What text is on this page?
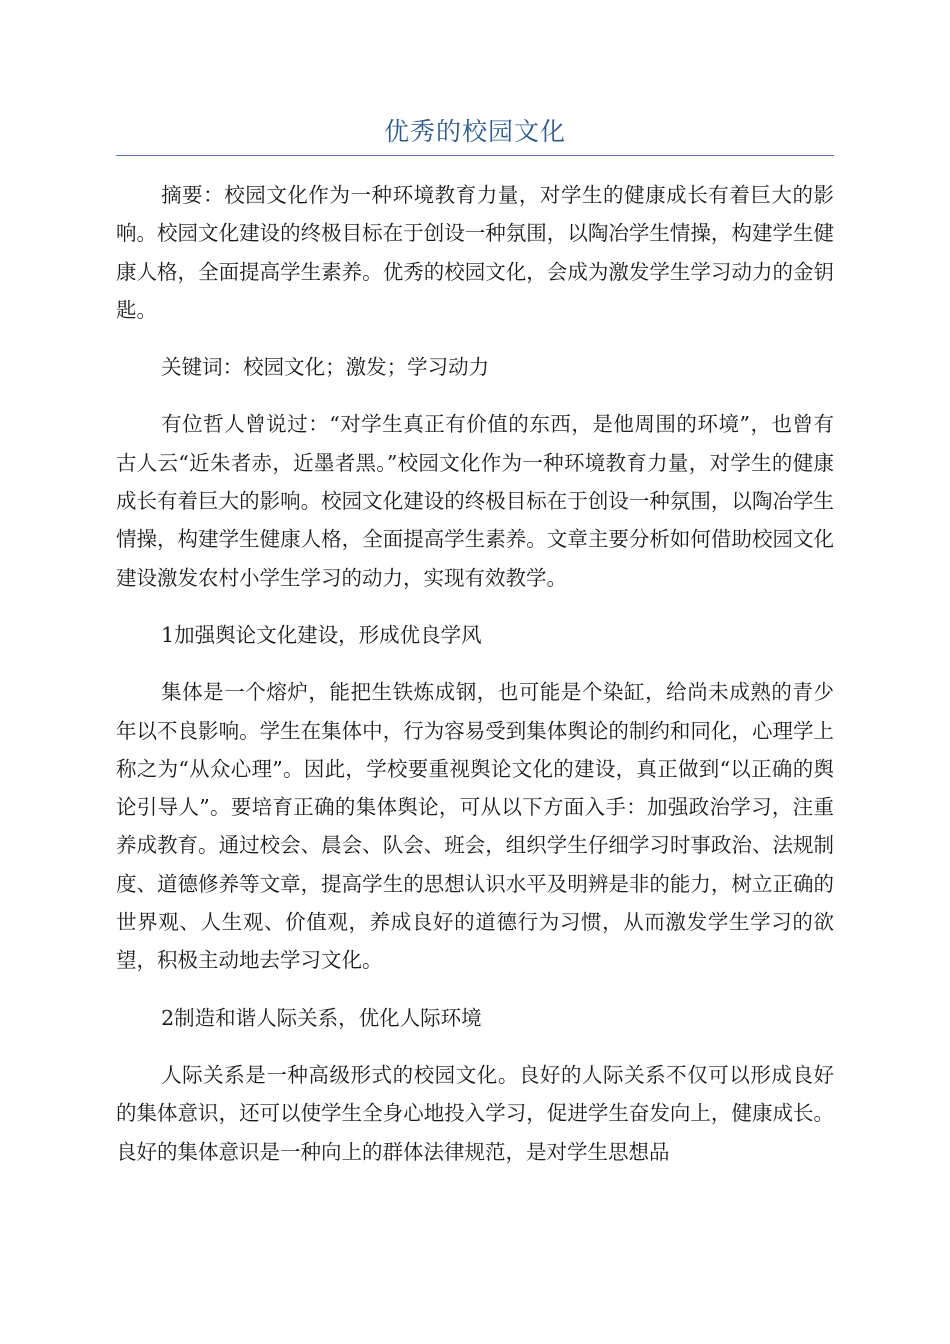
优秀的校园文化

摘要：校园文化作为一种环境教育力量，对学生的健康成长有着巨大的影响。校园文化建设的终极目标在于创设一种氛围，以陶冶学生情操，构建学生健康人格，全面提高学生素养。优秀的校园文化，会成为激发学生学习动力的金钥匙。

关键词：校园文化；激发；学习动力

有位哲人曾说过：“对学生真正有价值的东西，是他周围的环境”，也曾有古人云“近朱者赤，近墨者黑。”校园文化作为一种环境教育力量，对学生的健康成长有着巨大的影响。校园文化建设的终极目标在于创设一种氛围，以陶冶学生情操，构建学生健康人格，全面提高学生素养。文章主要分析如何借助校园文化建设激发农村小学生学习的动力，实现有效教学。

1加强舆论文化建设，形成优良学风

集体是一个熔炉，能把生铁炼成钢，也可能是个染缸，给尚未成熟的青少年以不良影响。学生在集体中，行为容易受到集体舆论的制约和同化，心理学上称之为“从众心理”。因此，学校要重视舆论文化的建设，真正做到“以正确的舆论引导人”。要培育正确的集体舆论，可从以下方面入手：加强政治学习，注重养成教育。通过校会、晨会、队会、班会，组织学生仔细学习时事政治、法规制度、道德修养等文章，提高学生的思想认识水平及明辨是非的能力，树立正确的世界观、人生观、价值观，养成良好的道德行为习惯，从而激发学生学习的欲望，积极主动地去学习文化。

2制造和谐人际关系，优化人际环境

人际关系是一种高级形式的校园文化。良好的人际关系不仅可以形成良好的集体意识，还可以使学生全身心地投入学习，促进学生奋发向上，健康成长。良好的集体意识是一种向上的群体法律规范，是对学生思想品
